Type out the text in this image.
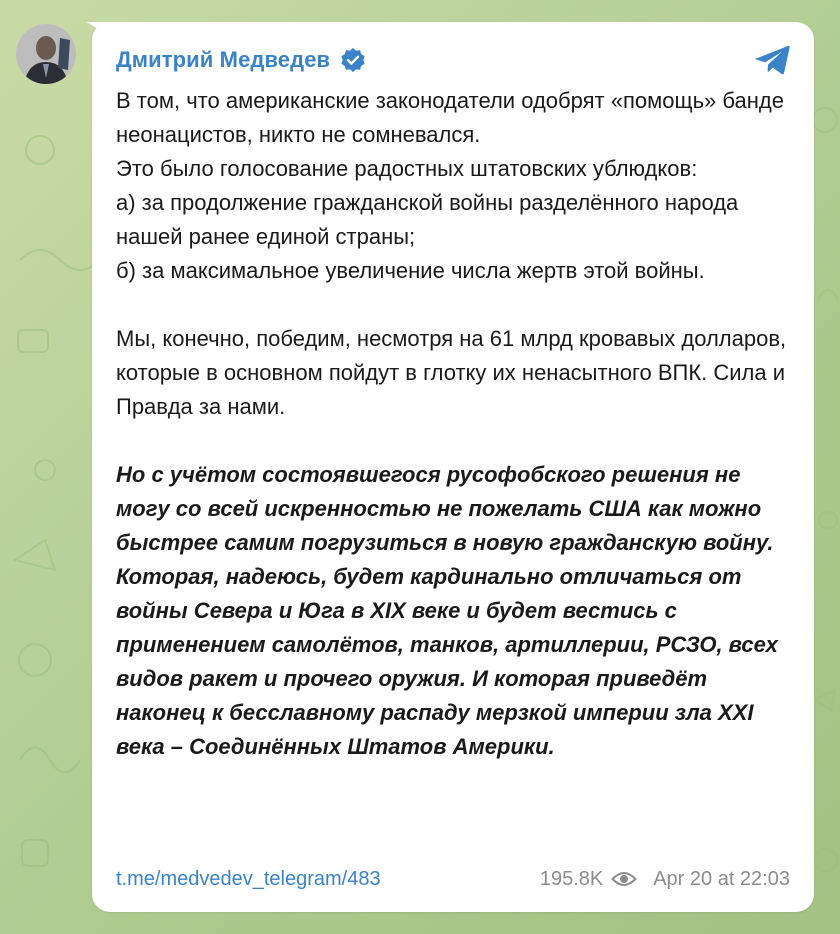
Дмитрий Медведев

В том, что американские законодатели одобрят «помощь» банде неонацистов, никто не сомневался.

Это было голосование радостных штатовских ублюдков:

а) за продолжение гражданской войны разделённого народа нашей ранее единой страны;

б) за максимальное увеличение числа жертв этой войны.

Мы, конечно, победим, несмотря на 61 млрд кровавых долларов, которые в основном пойдут в глотку их ненасытного ВПК. Сила и Правда за нами.

Но с учётом состоявшегося русофобского решения не могу со всей искренностью не пожелать США как можно быстрее самим погрузиться в новую гражданскую войну. Которая, надеюсь, будет кардинально отличаться от войны Севера и Юга в XIX веке и будет вестись с применением самолётов, танков, артиллерии, РСЗО, всех видов ракет и прочего оружия. И которая приведёт наконец к бесславному распаду мерзкой империи зла XXI века – Соединённых Штатов Америки.

t.me/medvedev_telegram/483	195.8K	Apr 20 at 22:03
